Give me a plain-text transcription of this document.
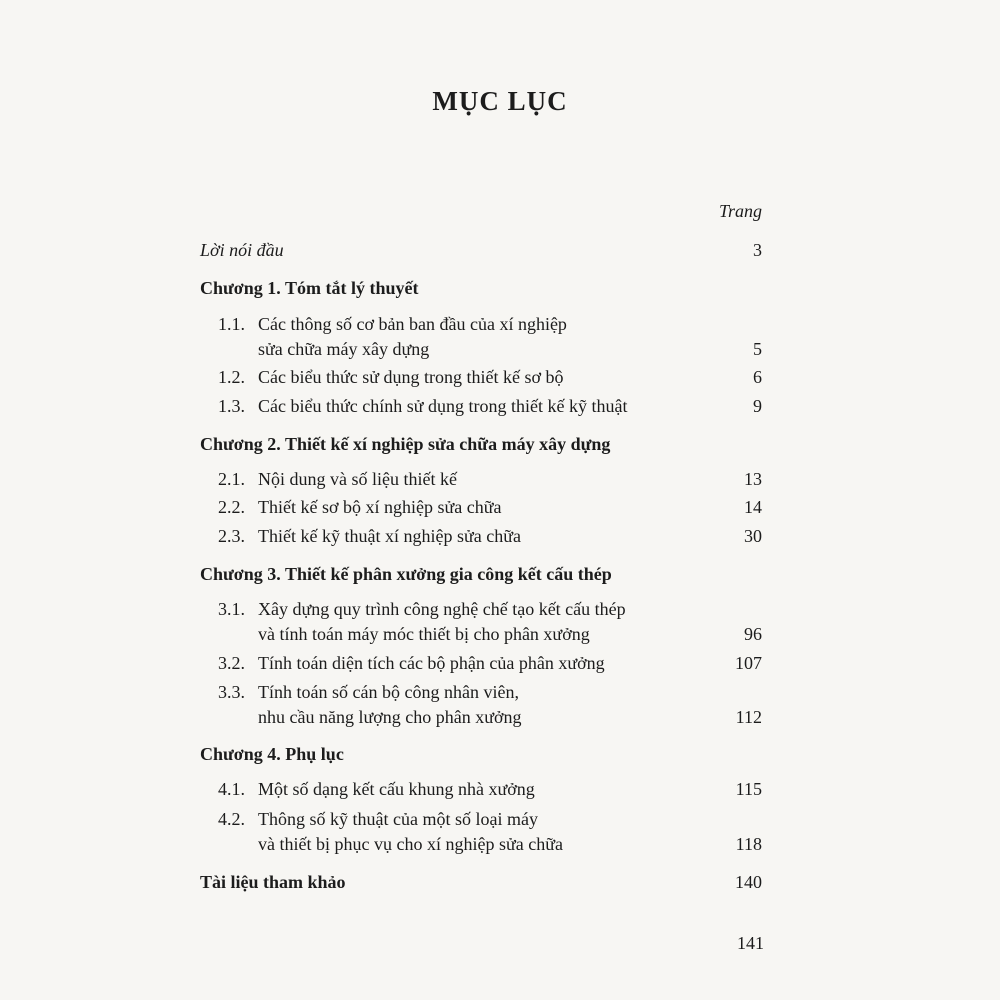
MỤC LỤC
Trang
Lời nói đầu	3
Chương 1. Tóm tắt lý thuyết
1.1. Các thông số cơ bản ban đầu của xí nghiệp
sửa chữa máy xây dựng	5
1.2. Các biểu thức sử dụng trong thiết kế sơ bộ	6
1.3. Các biểu thức chính sử dụng trong thiết kế kỹ thuật	9
Chương 2. Thiết kế xí nghiệp sửa chữa máy xây dựng
2.1. Nội dung và số liệu thiết kế	13
2.2. Thiết kế sơ bộ xí nghiệp sửa chữa	14
2.3. Thiết kế kỹ thuật xí nghiệp sửa chữa	30
Chương 3. Thiết kế phân xưởng gia công kết cấu thép
3.1. Xây dựng quy trình công nghệ chế tạo kết cấu thép
và tính toán máy móc thiết bị cho phân xưởng	96
3.2. Tính toán diện tích các bộ phận của phân xưởng	107
3.3. Tính toán số cán bộ công nhân viên,
nhu cầu năng lượng cho phân xưởng	112
Chương 4. Phụ lục
4.1. Một số dạng kết cấu khung nhà xưởng	115
4.2. Thông số kỹ thuật của một số loại máy
và thiết bị phục vụ cho xí nghiệp sửa chữa	118
Tài liệu tham khảo	140
141
